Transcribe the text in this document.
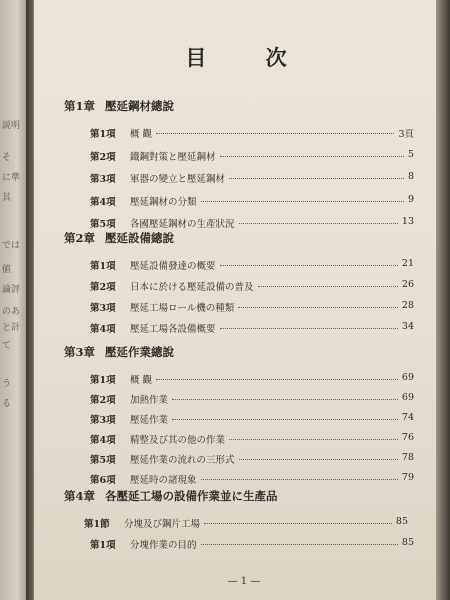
説明
そ
に準
其
では
値
論評
のあ
と計
て
う
る
目 次
第1章 壓延鋼材總說
第1項	概 觀	3頁
第2項	鐵鋼對策と壓延鋼材	5
第3項	軍器の變立と壓延鋼材	8
第4項	壓延鋼材の分類	9
第5項	各國壓延鋼材の生產狀況	13
第2章 壓延設備總說
第1項	壓延設備發達の概要	21
第2項	日本に於ける壓延設備の普及	26
第3項	壓延工場ロール機の種類	28
第4項	壓延工場各設備概要	34
第3章 壓延作業總說
第1項	概 觀	69
第2項	加熱作業	69
第3項	壓延作業	74
第4項	精整及び其の他の作業	76
第5項	壓延作業の流れの三形式	78
第6項	壓延時の諸現象	79
第4章 各壓延工場の設備作業並に生產品
第1節	分塊及び鋼片工場	85
第1項	分塊作業の目的	85
— 1 —
